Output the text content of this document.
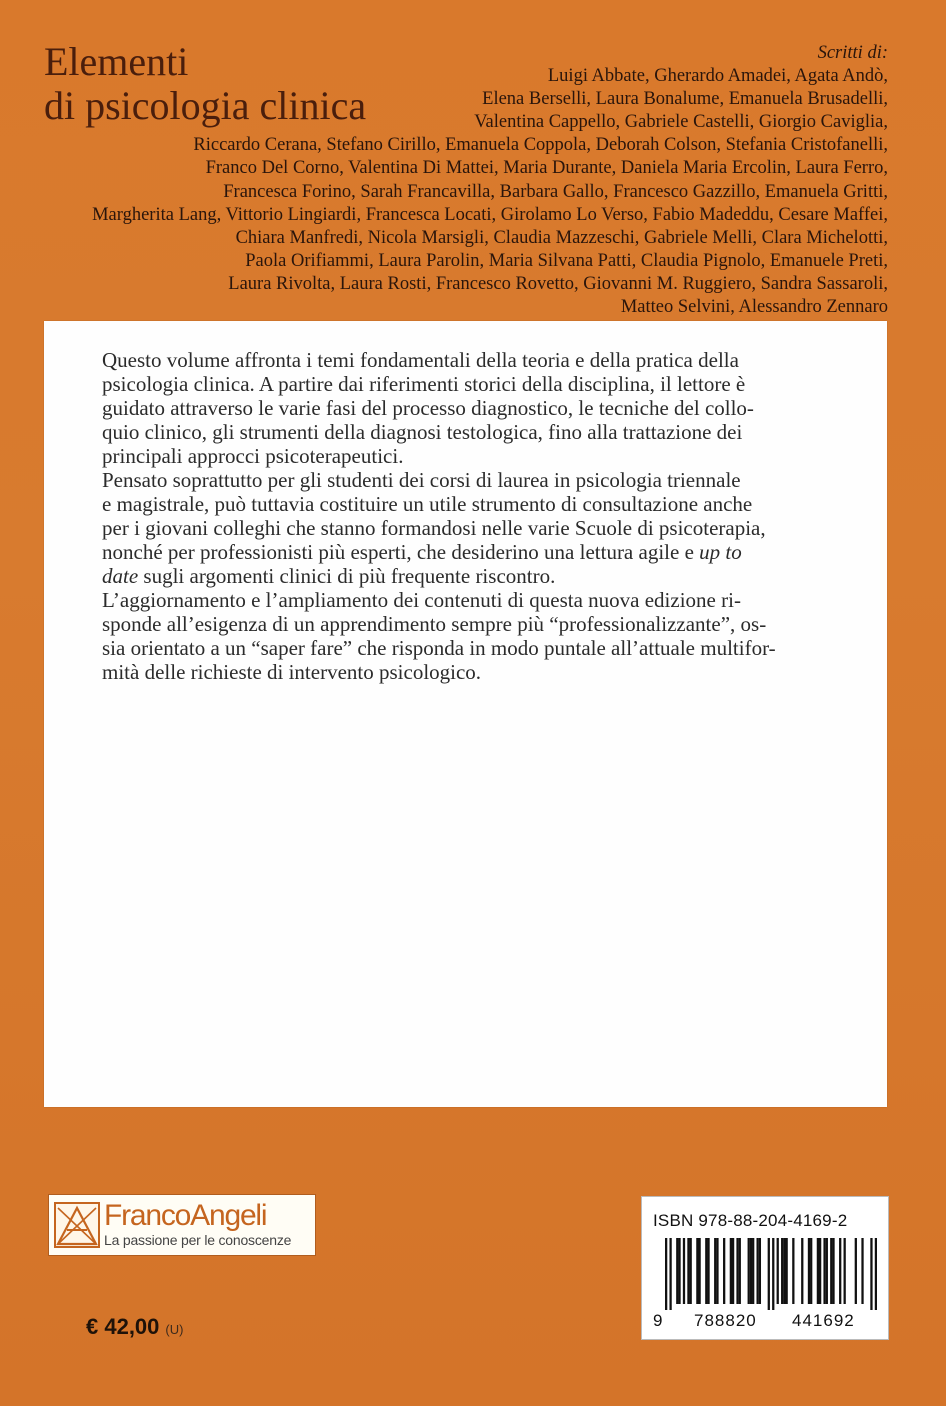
Elementi
di psicologia clinica
Scritti di:
Luigi Abbate, Gherardo Amadei, Agata Andò,
Elena Berselli, Laura Bonalume, Emanuela Brusadelli,
Valentina Cappello, Gabriele Castelli, Giorgio Caviglia,
Riccardo Cerana, Stefano Cirillo, Emanuela Coppola, Deborah Colson, Stefania Cristofanelli,
Franco Del Corno, Valentina Di Mattei, Maria Durante, Daniela Maria Ercolin, Laura Ferro,
Francesca Forino, Sarah Francavilla, Barbara Gallo, Francesco Gazzillo, Emanuela Gritti,
Margherita Lang, Vittorio Lingiardi, Francesca Locati, Girolamo Lo Verso, Fabio Madeddu, Cesare Maffei,
Chiara Manfredi, Nicola Marsigli, Claudia Mazzeschi, Gabriele Melli, Clara Michelotti,
Paola Orifiammi, Laura Parolin, Maria Silvana Patti, Claudia Pignolo, Emanuele Preti,
Laura Rivolta, Laura Rosti, Francesco Rovetto, Giovanni M. Ruggiero, Sandra Sassaroli,
Matteo Selvini, Alessandro Zennaro
Questo volume affronta i temi fondamentali della teoria e della pratica della
psicologia clinica. A partire dai riferimenti storici della disciplina, il lettore è
guidato attraverso le varie fasi del processo diagnostico, le tecniche del collo-
quio clinico, gli strumenti della diagnosi testologica, fino alla trattazione dei
principali approcci psicoterapeutici.
Pensato soprattutto per gli studenti dei corsi di laurea in psicologia triennale
e magistrale, può tuttavia costituire un utile strumento di consultazione anche
per i giovani colleghi che stanno formandosi nelle varie Scuole di psicoterapia,
nonché per professionisti più esperti, che desiderino una lettura agile e up to
date sugli argomenti clinici di più frequente riscontro.
L’aggiornamento e l’ampliamento dei contenuti di questa nuova edizione ri-
sponde all’esigenza di un apprendimento sempre più “professionalizzante”, os-
sia orientato a un “saper fare” che risponda in modo puntale all’attuale multifor-
mità delle richieste di intervento psicologico.
FrancoAngeli
La passione per le conoscenze
€ 42,00 (U)
ISBN 978-88-204-4169-2
9 788820 441692
